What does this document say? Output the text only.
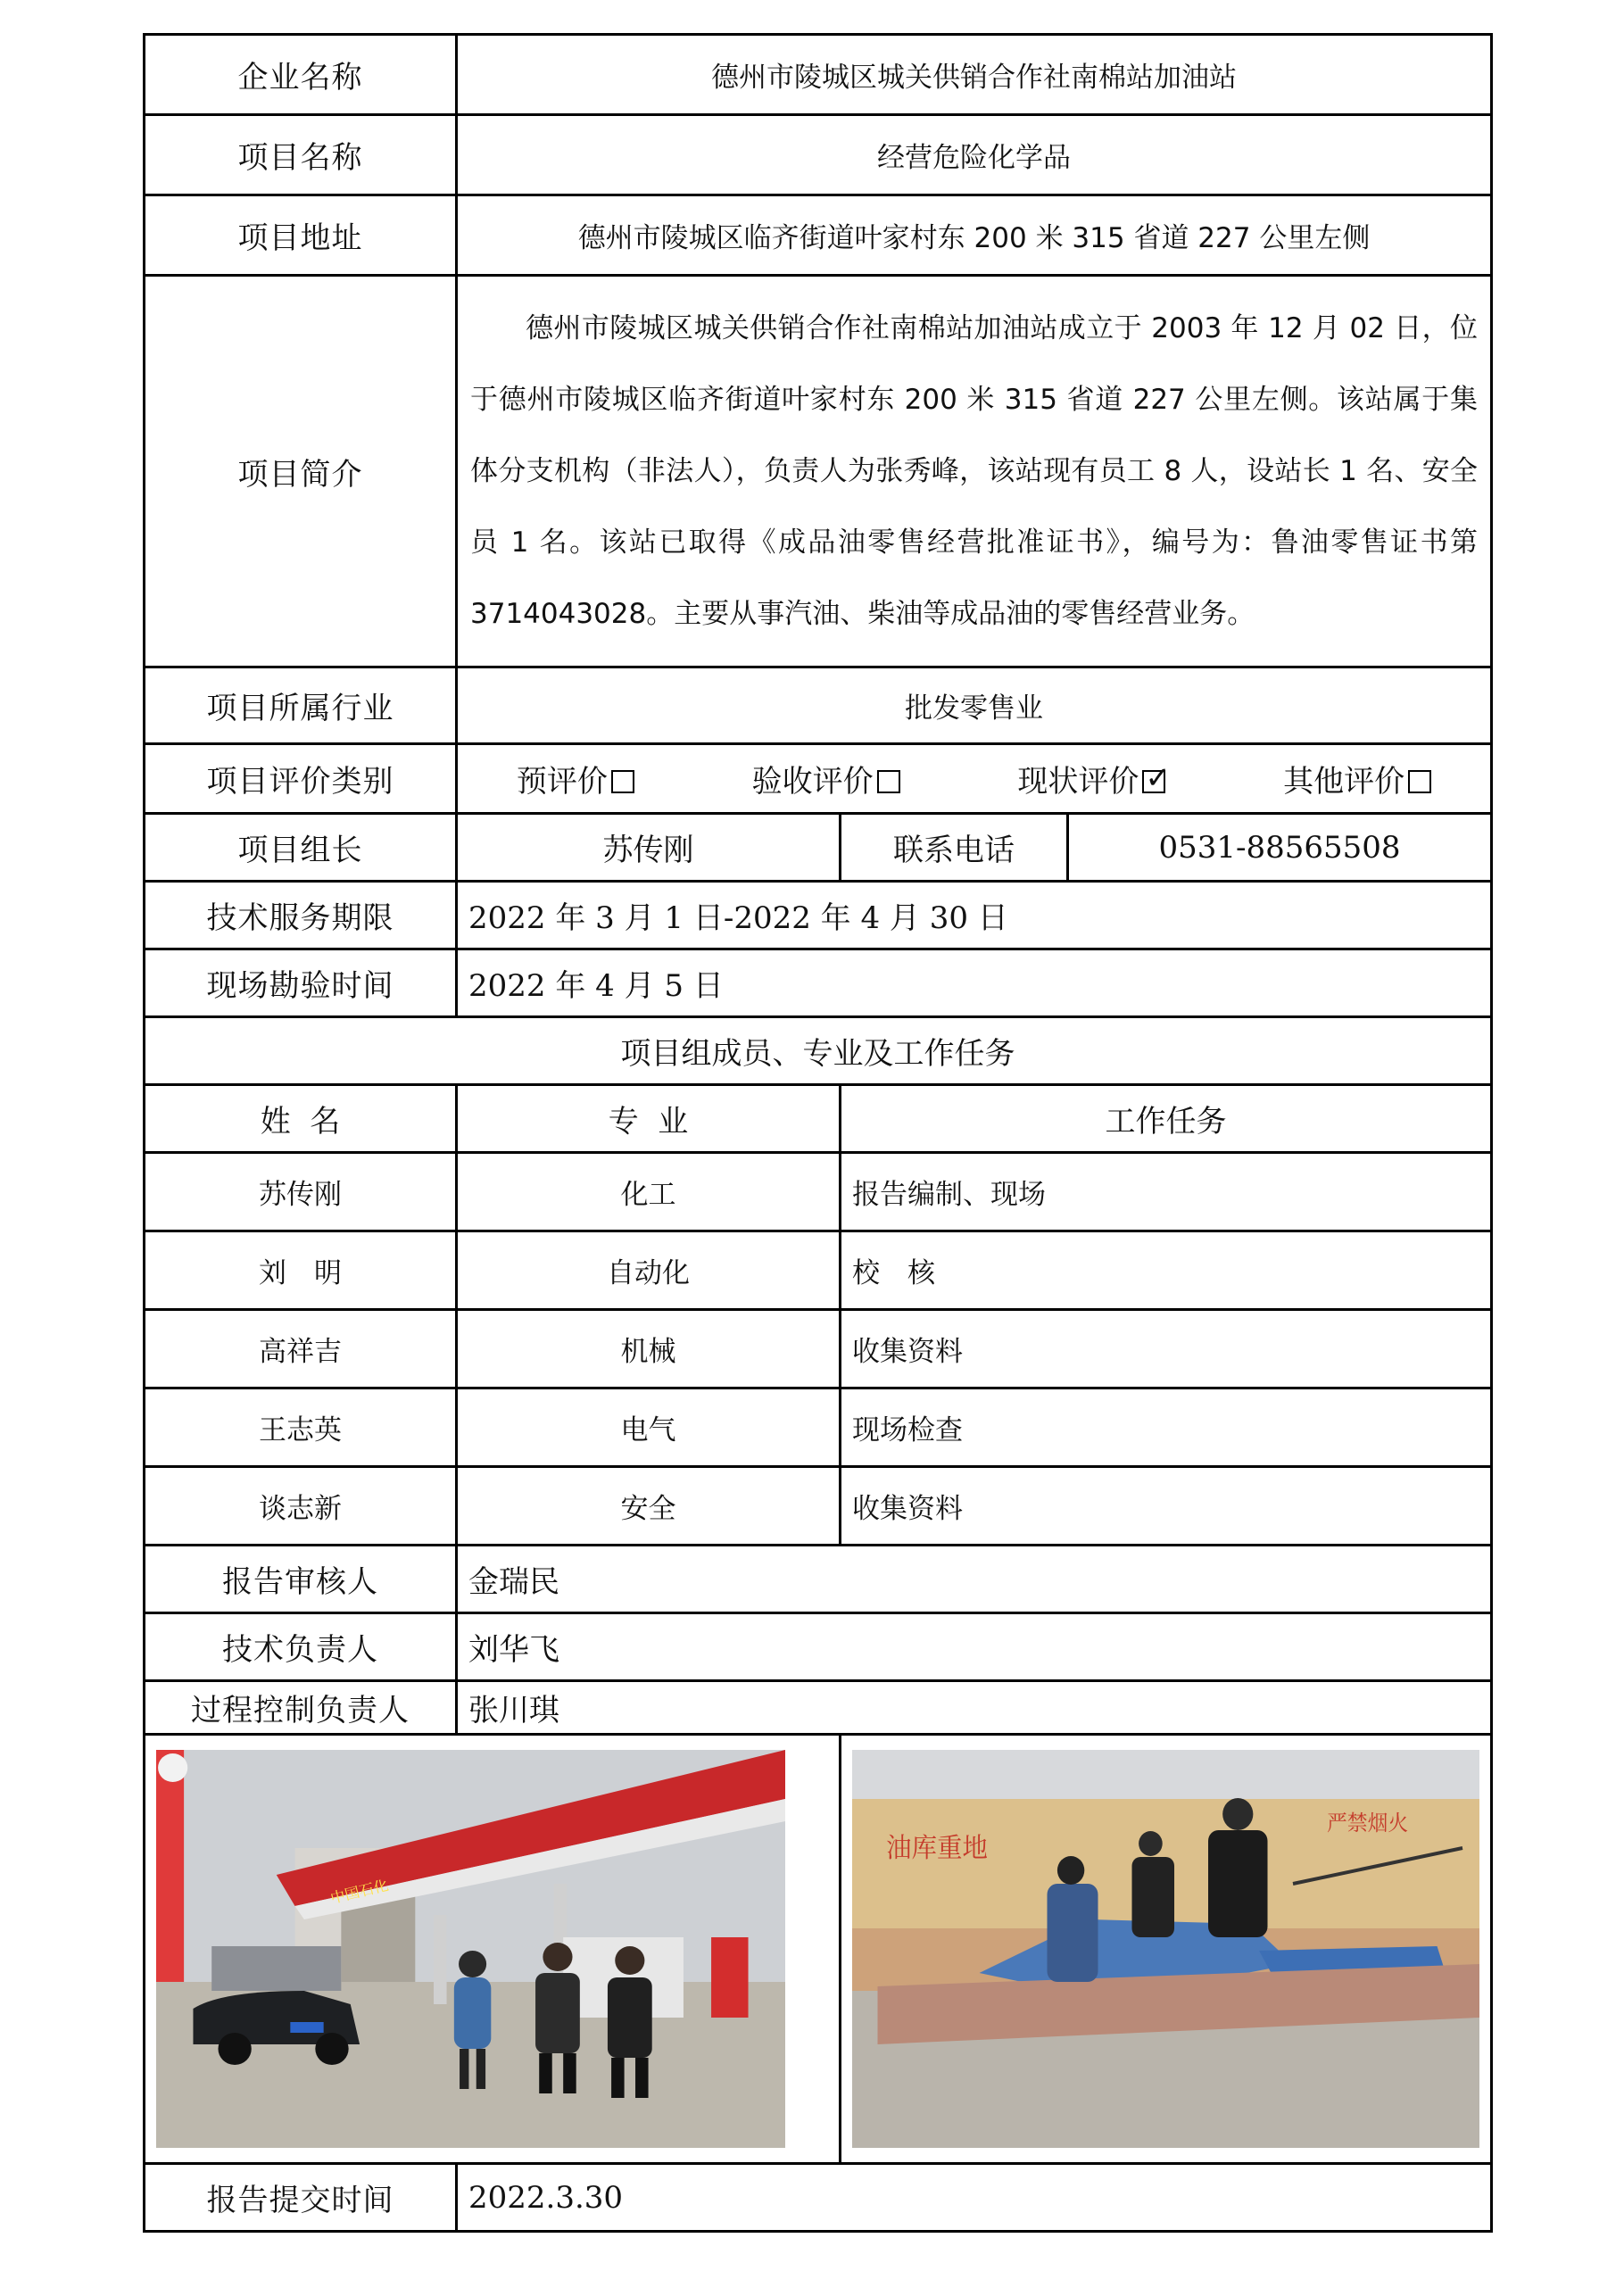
企业名称	德州市陵城区城关供销合作社南棉站加油站		
项目名称	经营危险化学品		
项目地址	德州市陵城区临齐街道叶家村东 200 米 315 省道 227 公里左侧		
项目简介	德州市陵城区城关供销合作社南棉站加油站成立于 2003 年 12 月 02 日，位于德州市陵城区临齐街道叶家村东 200 米 315 省道 227 公里左侧。该站属于集体分支机构（非法人），负责人为张秀峰，该站现有员工 8 人，设站长 1 名、安全员 1 名。该站已取得《成品油零售经营批准证书》，编号为：鲁油零售证书第 3714043028。主要从事汽油、柴油等成品油的零售经营业务。		
项目所属行业	批发零售业		
项目评价类别	预评价 验收评价 现状评价 ✓ 其他评价

项目组长	苏传刚	联系电话	0531-88565508
技术服务期限	2022 年 3 月 1 日-2022 年 4 月 30 日		
现场勘验时间	2022 年 4 月 5 日		
项目组成员、专业及工作任务			
姓  名	专  业	工作任务	
苏传刚	化工	报告编制、现场	
刘　明	自动化	校　核	
高祥吉	机械	收集资料	
王志英	电气	现场检查	
谈志新	安全	收集资料	
报告审核人	金瑞民		
技术负责人	刘华飞		
过程控制负责人	张川琪		

中国石化		油库重地
严禁烟火	

报告提交时间	2022.3.30		
